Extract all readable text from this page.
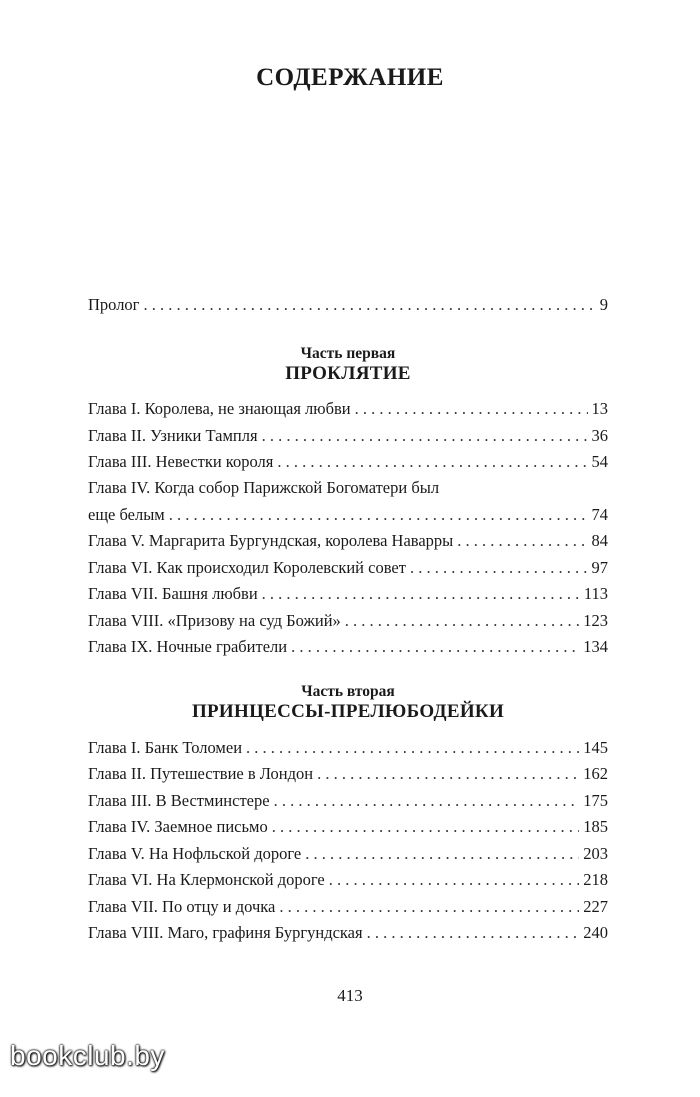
СОДЕРЖАНИЕ
Пролог . . .	9
Часть первая
ПРОКЛЯТИЕ
Глава I. Королева, не знающая любви . . .	13
Глава II. Узники Тампля . . .	36
Глава III. Невестки короля . . .	54
Глава IV. Когда собор Парижской Богоматери был
еще белым . . .	74
Глава V. Маргарита Бургундская, королева Наварры . . .	84
Глава VI. Как происходил Королевский совет . . .	97
Глава VII. Башня любви . . .	113
Глава VIII. «Призову на суд Божий» . . .	123
Глава IX. Ночные грабители . . .	134
Часть вторая
ПРИНЦЕССЫ-ПРЕЛЮБОДЕЙКИ
Глава I. Банк Толомеи . . .	145
Глава II. Путешествие в Лондон . . .	162
Глава III. В Вестминстере . . .	175
Глава IV. Заемное письмо . . .	185
Глава V. На Нофльской дороге . . .	203
Глава VI. На Клермонской дороге . . .	218
Глава VII. По отцу и дочка . . .	227
Глава VIII. Маго, графиня Бургундская . . .	240
413
bookclub.by
